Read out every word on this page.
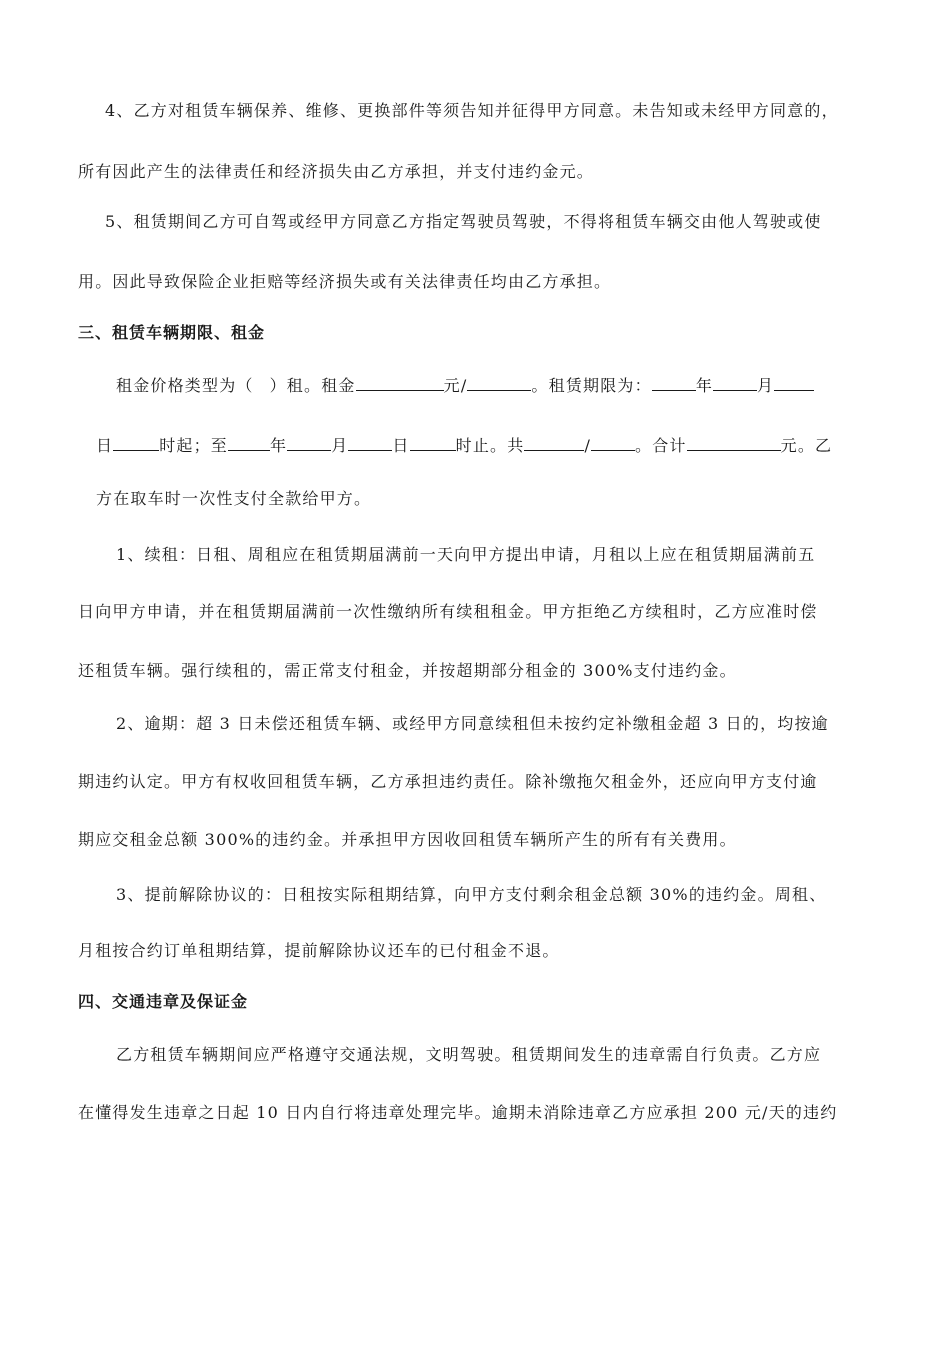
4、乙方对租赁车辆保养、维修、更换部件等须告知并征得甲方同意。未告知或未经甲方同意的，
所有因此产生的法律责任和经济损失由乙方承担，并支付违约金元。
5、租赁期间乙方可自驾或经甲方同意乙方指定驾驶员驾驶，不得将租赁车辆交由他人驾驶或使
用。因此导致保险企业拒赔等经济损失或有关法律责任均由乙方承担。
三、租赁车辆期限、租金
租金价格类型为（ ）租。租金	元/	。租赁期限为：	年	月
日	时起；至	年	月	日	时止。共	/	。合计	元。乙
方在取车时一次性支付全款给甲方。
1、续租：日租、周租应在租赁期届满前一天向甲方提出申请，月租以上应在租赁期届满前五
日向甲方申请，并在租赁期届满前一次性缴纳所有续租租金。甲方拒绝乙方续租时，乙方应准时偿
还租赁车辆。强行续租的，需正常支付租金，并按超期部分租金的 300%支付违约金。
2、逾期：超 3 日未偿还租赁车辆、或经甲方同意续租但未按约定补缴租金超 3 日的，均按逾
期违约认定。甲方有权收回租赁车辆，乙方承担违约责任。除补缴拖欠租金外，还应向甲方支付逾
期应交租金总额 300%的违约金。并承担甲方因收回租赁车辆所产生的所有有关费用。
3、提前解除协议的：日租按实际租期结算，向甲方支付剩余租金总额 30%的违约金。周租、
月租按合约订单租期结算，提前解除协议还车的已付租金不退。
四、交通违章及保证金
乙方租赁车辆期间应严格遵守交通法规，文明驾驶。租赁期间发生的违章需自行负责。乙方应
在懂得发生违章之日起 10 日内自行将违章处理完毕。逾期未消除违章乙方应承担 200 元/天的违约
